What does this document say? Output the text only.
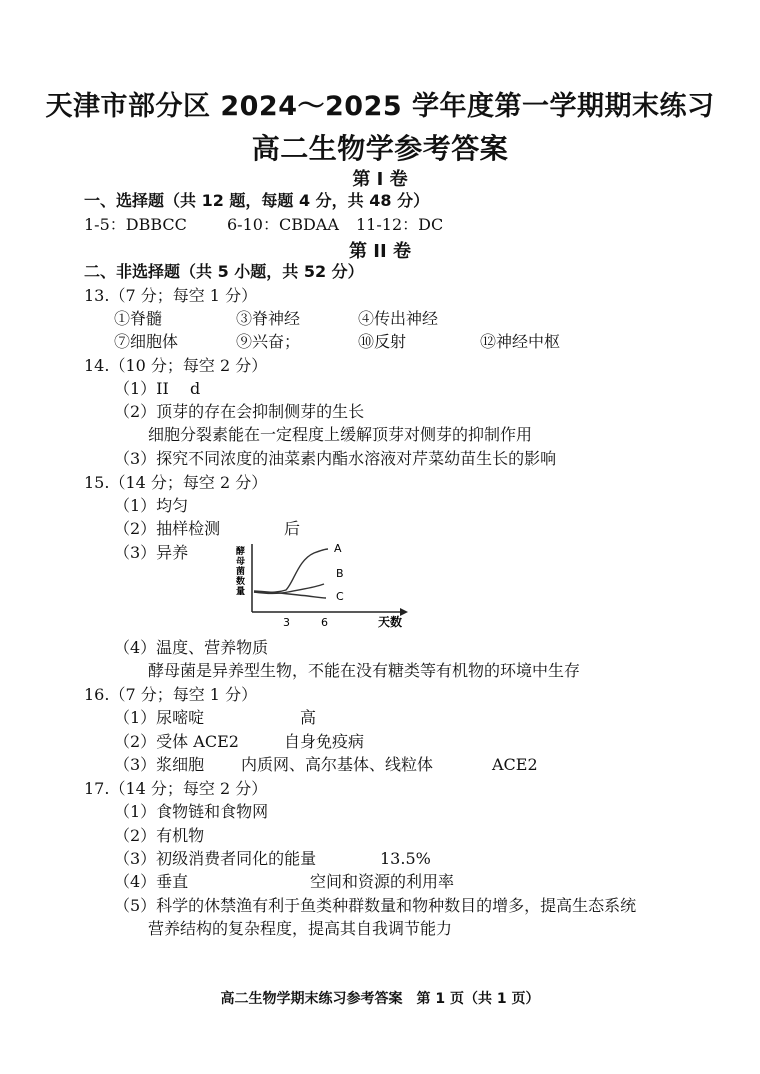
天津市部分区 2024～2025 学年度第一学期期末练习
高二生物学参考答案
第 I 卷
一、选择题（共 12 题，每题 4 分，共 48 分）
1-5：DBBCC	6-10：CBDAA 11-12：DC
第 II 卷
二、非选择题（共 5 小题，共 52 分）
13.（7 分；每空 1 分）
①脊髓	③脊神经	④传出神经
⑦细胞体	⑨兴奋；	⑩反射	⑫神经中枢
14.（10 分；每空 2 分）
（1）II d
（2）顶芽的存在会抑制侧芽的生长
细胞分裂素能在一定程度上缓解顶芽对侧芽的抑制作用
（3）探究不同浓度的油菜素内酯水溶液对芹菜幼苗生长的影响
15.（14 分；每空 2 分）
（1）均匀
（2）抽样检测	后
（3）异养	酵
母
菌
数
量
A
B
C
3	6	天数
（4）温度、营养物质
酵母菌是异养型生物，不能在没有糖类等有机物的环境中生存
16.（7 分；每空 1 分）
（1）尿嘧啶	高
（2）受体 ACE2	自身免疫病
（3）浆细胞 内质网、高尔基体、线粒体	ACE2
17.（14 分；每空 2 分）
（1）食物链和食物网
（2）有机物
（3）初级消费者同化的能量	13.5%
（4）垂直	空间和资源的利用率
（5）科学的休禁渔有利于鱼类种群数量和物种数目的增多，提高生态系统
营养结构的复杂程度，提高其自我调节能力
高二生物学期末练习参考答案　第 1 页（共 1 页）
